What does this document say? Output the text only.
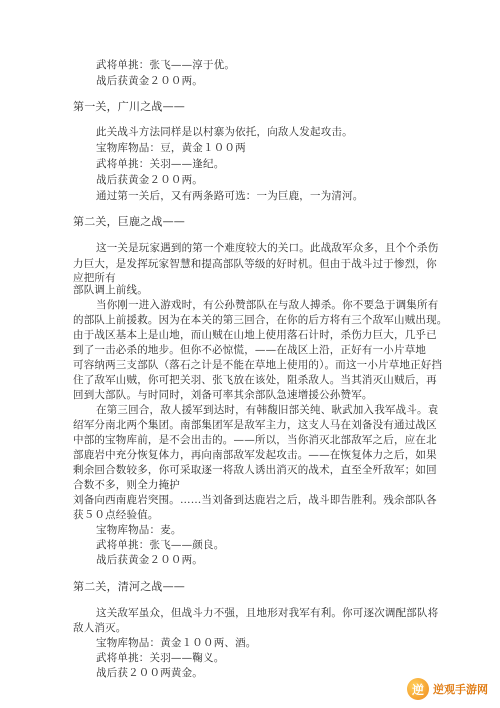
武将单挑：张飞——淳于优。
战后获黄金２００两。
第一关，广川之战——
此关战斗方法同样是以村寨为依托，向敌人发起攻击。
宝物库物品：豆，黄金１００两
武将单挑：关羽——逢纪。
战后获黄金２００两。
通过第一关后，又有两条路可选：一为巨鹿，一为清河。
第二关，巨鹿之战——
这一关是玩家遇到的第一个难度较大的关口。此战敌军众多，且个个杀伤
力巨大，是发挥玩家智慧和提高部队等级的好时机。但由于战斗过于惨烈，你
应把所有
部队调上前线。
当你刚一进入游戏时，有公孙赞部队在与敌人搏杀。你不要急于调集所有
的部队上前援救。因为在本关的第三回合，在你的后方将有三个敌军山贼出现。
由于战区基本上是山地，而山贼在山地上使用落石计时，杀伤力巨大，几乎已
到了一击必杀的地步。但你不必惊慌，——在战区上沿，正好有一小片草地
可容纳两三支部队（落石之计是不能在草地上使用的）。而这一小片草地正好挡
住了敌军山贼，你可把关羽、张飞放在该处，阻杀敌人。当其消灭山贼后，再
回到大部队。与时同时，刘备可率其余部队急速增援公孙赞军。
在第三回合，敌人援军到达时，有韩馥旧部关纯、耿武加入我军战斗。袁
绍军分南北两个集团。南部集团军是敌军主力，这支人马在刘备没有通过战区
中部的宝物库前，是不会出击的。——所以，当你消灭北部敌军之后，应在北
部鹿岩中充分恢复体力，再向南部敌军发起攻击。——在恢复体力之后，如果
剩余回合数较多，你可采取逐一将敌人诱出消灭的战术，直至全歼敌军；如回
合数不多，则全力掩护
刘备向西南鹿岩突围。……当刘备到达鹿岩之后，战斗即告胜利。残余部队各
获５０点经验值。
宝物库物品：麦。
武将单挑：张飞——颜良。
战后获黄金２００两。
第二关，清河之战——
这关敌军虽众，但战斗力不强，且地形对我军有利。你可逐次调配部队将
敌人消灭。
宝物库物品：黄金１００两、酒。
武将单挑：关羽——鞠义。
战后获２００两黄金。
逆 逆观手游网
